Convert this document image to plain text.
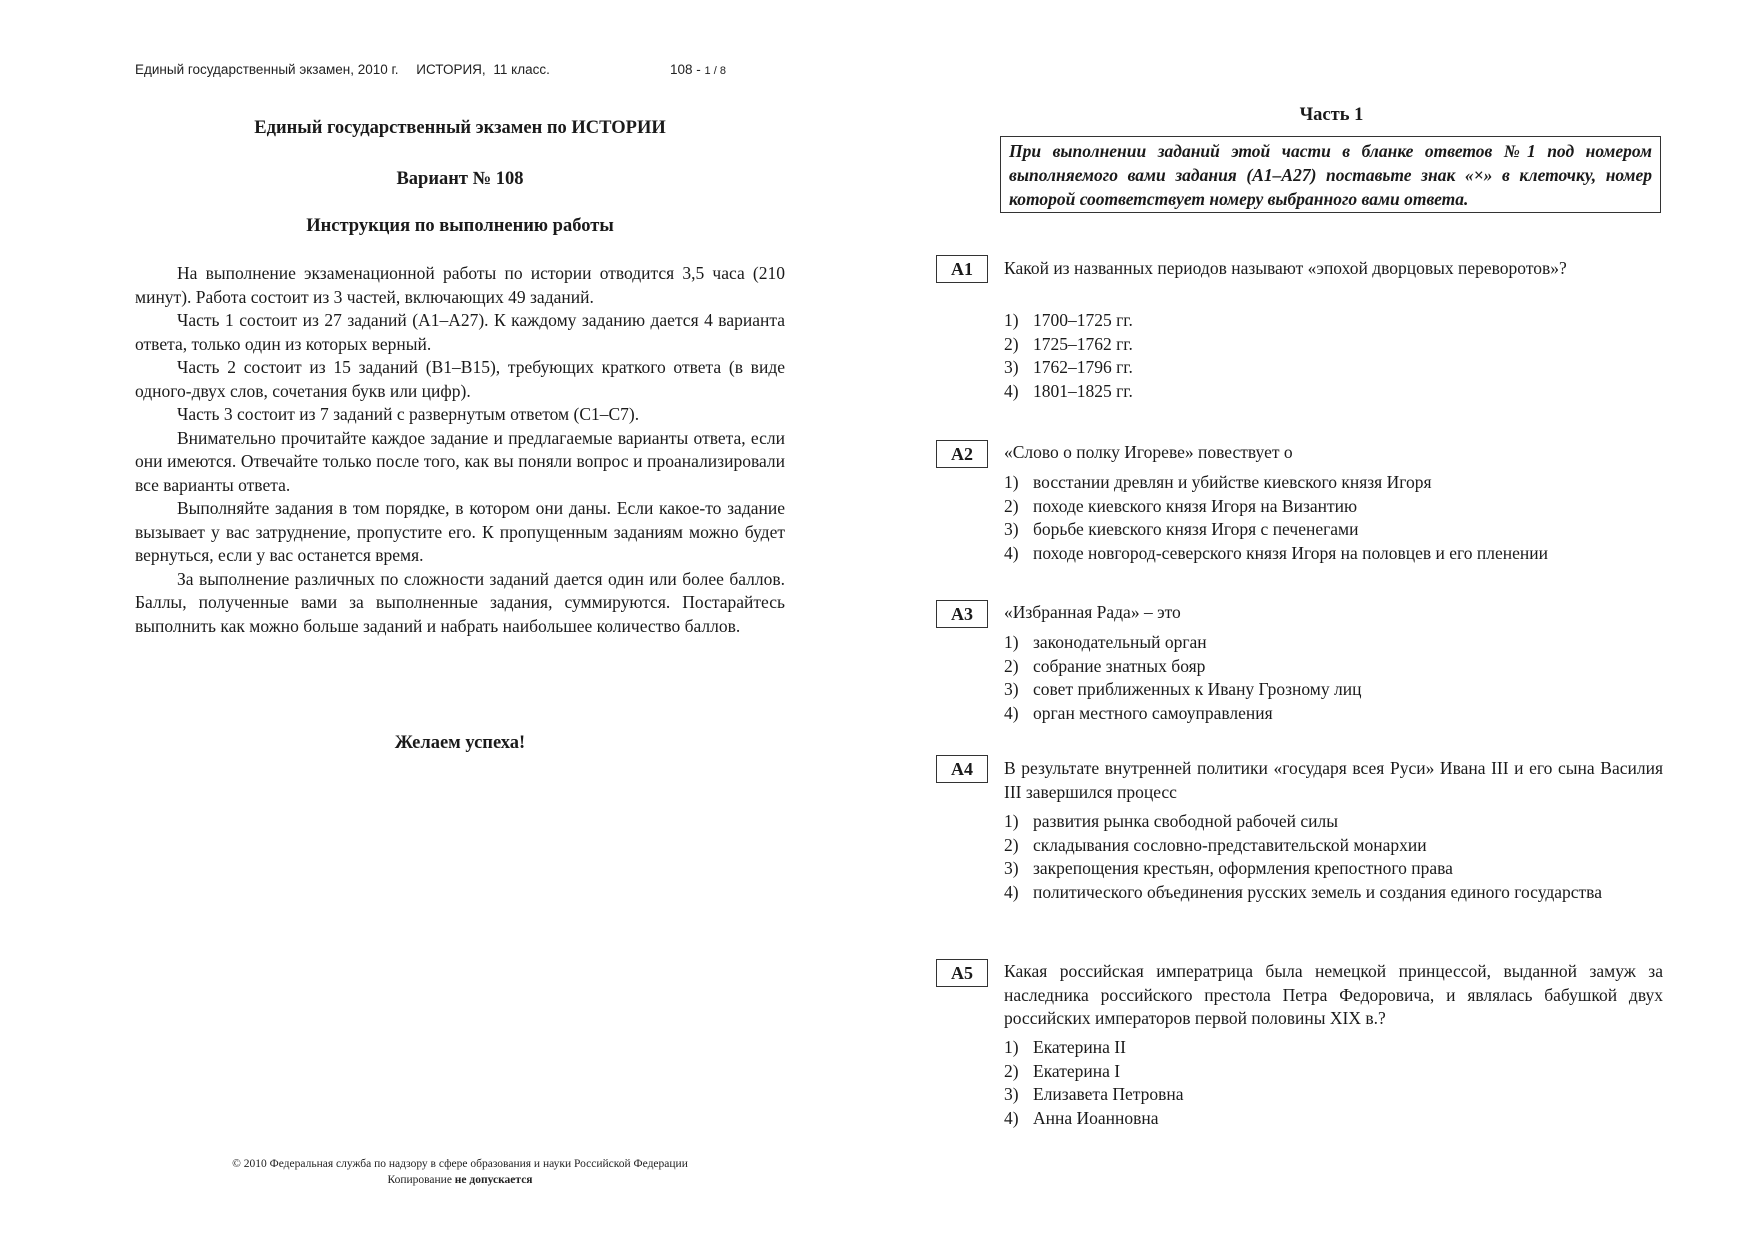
Единый государственный экзамен, 2010 г. ИСТОРИЯ, 11 класс.	108 - 1 / 8
Единый государственный экзамен по ИСТОРИИ
Вариант № 108
Инструкция по выполнению работы

На выполнение экзаменационной работы по истории отводится 3,5 часа (210 минут). Работа состоит из 3 частей, включающих 49 заданий.

Часть 1 состоит из 27 заданий (А1–А27). К каждому заданию дается 4 варианта ответа, только один из которых верный.

Часть 2 состоит из 15 заданий (В1–В15), требующих краткого ответа (в виде одного-двух слов, сочетания букв или цифр).

Часть 3 состоит из 7 заданий с развернутым ответом (С1–С7).

Внимательно прочитайте каждое задание и предлагаемые варианты ответа, если они имеются. Отвечайте только после того, как вы поняли вопрос и проанализировали все варианты ответа.

Выполняйте задания в том порядке, в котором они даны. Если какое-то задание вызывает у вас затруднение, пропустите его. К пропущенным заданиям можно будет вернуться, если у вас останется время.

За выполнение различных по сложности заданий дается один или более баллов. Баллы, полученные вами за выполненные задания, суммируются. Постарайтесь выполнить как можно больше заданий и набрать наибольшее количество баллов.

Желаем успеха!
© 2010 Федеральная служба по надзору в сфере образования и науки Российской Федерации
Копирование не допускается
Часть 1
При выполнении заданий этой части в бланке ответов №1 под номером выполняемого вами задания (А1–А27) поставьте знак «×» в клеточку, номер которой соответствует номеру выбранного вами ответа.
А1	Какой из названных периодов называют «эпохой дворцовых переворотов»?
1) 1700–1725 гг.
2) 1725–1762 гг.
3) 1762–1796 гг.
4) 1801–1825 гг.
А2	«Слово о полку Игореве» повествует о
1) восстании древлян и убийстве киевского князя Игоря
2) походе киевского князя Игоря на Византию
3) борьбе киевского князя Игоря с печенегами
4) походе новгород-северского князя Игоря на половцев и его пленении
А3	«Избранная Рада» – это
1) законодательный орган
2) собрание знатных бояр
3) совет приближенных к Ивану Грозному лиц
4) орган местного самоуправления
А4	В результате внутренней политики «государя всея Руси» Ивана III и его сына Василия III завершился процесс
1) развития рынка свободной рабочей силы
2) складывания сословно-представительской монархии
3) закрепощения крестьян, оформления крепостного права
4) политического объединения русских земель и создания единого государства
А5	Какая российская императрица была немецкой принцессой, выданной замуж за наследника российского престола Петра Федоровича, и являлась бабушкой двух российских императоров первой половины XIX в.?
1) Екатерина II
2) Екатерина I
3) Елизавета Петровна
4) Анна Иоанновна
